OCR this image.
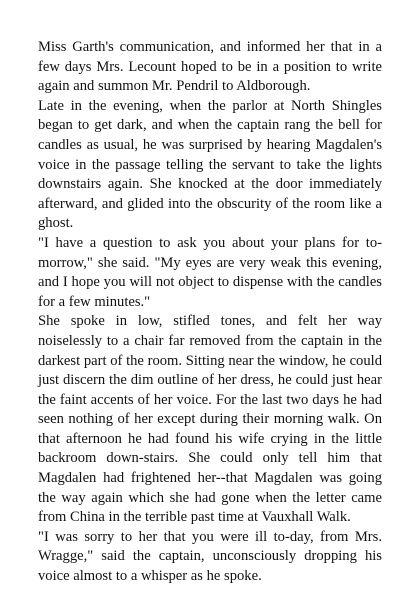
Miss Garth's communication, and informed her that in a few days Mrs. Lecount hoped to be in a position to write again and summon Mr. Pendril to Aldborough.

Late in the evening, when the parlor at North Shingles began to get dark, and when the captain rang the bell for candles as usual, he was surprised by hearing Magdalen's voice in the passage telling the servant to take the lights downstairs again. She knocked at the door immediately afterward, and glided into the obscurity of the room like a ghost.

"I have a question to ask you about your plans for to-morrow," she said. "My eyes are very weak this evening, and I hope you will not object to dispense with the candles for a few minutes."

She spoke in low, stifled tones, and felt her way noiselessly to a chair far removed from the captain in the darkest part of the room. Sitting near the window, he could just discern the dim outline of her dress, he could just hear the faint accents of her voice. For the last two days he had seen nothing of her except during their morning walk. On that afternoon he had found his wife crying in the little backroom down-stairs. She could only tell him that Magdalen had frightened her--that Magdalen was going the way again which she had gone when the letter came from China in the terrible past time at Vauxhall Walk.

"I was sorry to her that you were ill to-day, from Mrs. Wragge," said the captain, unconsciously dropping his voice almost to a whisper as he spoke.
